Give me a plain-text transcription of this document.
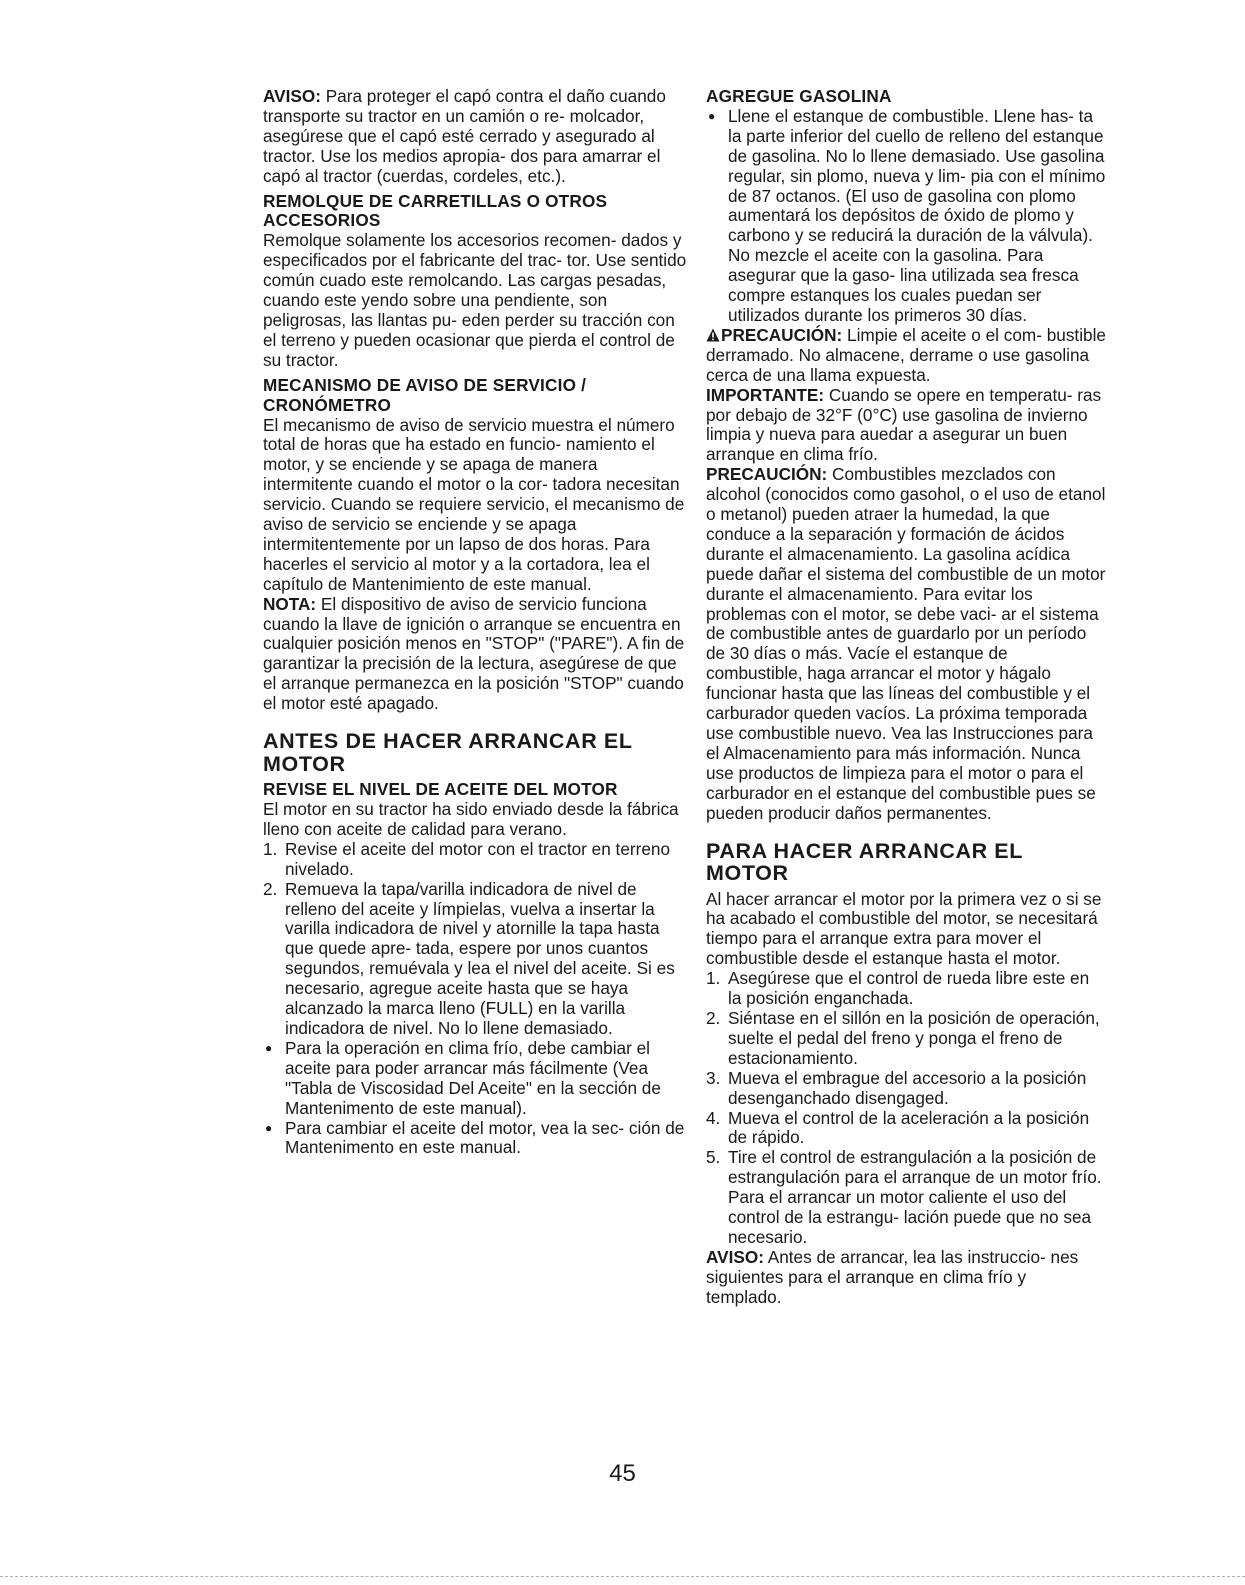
AVISO: Para proteger el capó contra el daño cuando transporte su tractor en un camión o re- molcador, asegúrese que el capó esté cerrado y asegurado al tractor. Use los medios apropia- dos para amarrar el capó al tractor (cuerdas, cordeles, etc.).

REMOLQUE DE CARRETILLAS O OTROS ACCESORIOS

Remolque solamente los accesorios recomen- dados y especificados por el fabricante del trac- tor. Use sentido común cuado este remolcando. Las cargas pesadas, cuando este yendo sobre una pendiente, son peligrosas, las llantas pu- eden perder su tracción con el terreno y pueden ocasionar que pierda el control de su tractor.

MECANISMO DE AVISO DE SERVICIO / CRONÓMETRO

El mecanismo de aviso de servicio muestra el número total de horas que ha estado en funcio- namiento el motor, y se enciende y se apaga de manera intermitente cuando el motor o la cor- tadora necesitan servicio. Cuando se requiere servicio, el mecanismo de aviso de servicio se enciende y se apaga intermitentemente por un lapso de dos horas. Para hacerles el servicio al motor y a la cortadora, lea el capítulo de Mantenimiento de este manual.

NOTA: El dispositivo de aviso de servicio funciona cuando la llave de ignición o arranque se encuentra en cualquier posición menos en "STOP" ("PARE"). A fin de garantizar la precisión de la lectura, asegúrese de que el arranque permanezca en la posición "STOP" cuando el motor esté apagado.

ANTES DE HACER ARRANCAR EL MOTOR
REVISE EL NIVEL DE ACEITE DEL MOTOR

El motor en su tractor ha sido enviado desde la fábrica lleno con aceite de calidad para verano.

1. Revise el aceite del motor con el tractor en terreno nivelado.
2. Remueva la tapa/varilla indicadora de nivel de relleno del aceite y límpielas, vuelva a insertar la varilla indicadora de nivel y atornille la tapa hasta que quede apre- tada, espere por unos cuantos segundos, remuévala y lea el nivel del aceite. Si es necesario, agregue aceite hasta que se haya alcanzado la marca lleno (FULL) en la varilla indicadora de nivel. No lo llene demasiado.
● Para la operación en clima frío, debe cambiar el aceite para poder arrancar más fácilmente (Vea "Tabla de Viscosidad Del Aceite" en la sección de Mantenimento de este manual).
● Para cambiar el aceite del motor, vea la sec- ción de Mantenimento en este manual.
AGREGUE GASOLINA
● Llene el estanque de combustible. Llene has- ta la parte inferior del cuello de relleno del estanque de gasolina. No lo llene demasiado. Use gasolina regular, sin plomo, nueva y lim- pia con el mínimo de 87 octanos. (El uso de gasolina con plomo aumentará los depósitos de óxido de plomo y carbono y se reducirá la duración de la válvula). No mezcle el aceite con la gasolina. Para asegurar que la gaso- lina utilizada sea fresca compre estanques los cuales puedan ser utilizados durante los primeros 30 días.

PRECAUCIÓN: Limpie el aceite o el com- bustible derramado. No almacene, derrame o use gasolina cerca de una llama expuesta.

IMPORTANTE: Cuando se opere en temperatu- ras por debajo de 32°F (0°C) use gasolina de invierno limpia y nueva para auedar a asegurar un buen arranque en clima frío.

PRECAUCIÓN: Combustibles mezclados con alcohol (conocidos como gasohol, o el uso de etanol o metanol) pueden atraer la humedad, la que conduce a la separación y formación de ácidos durante el almacenamiento. La gasolina acídica puede dañar el sistema del combustible de un motor durante el almacenamiento. Para evitar los problemas con el motor, se debe vaci- ar el sistema de combustible antes de guardarlo por un período de 30 días o más. Vacíe el estanque de combustible, haga arrancar el motor y hágalo funcionar hasta que las líneas del combustible y el carburador queden vacíos. La próxima temporada use combustible nuevo. Vea las Instrucciones para el Almacenamiento para más información. Nunca use productos de limpieza para el motor o para el carburador en el estanque del combustible pues se pueden producir daños permanentes.

PARA HACER ARRANCAR EL MOTOR

Al hacer arrancar el motor por la primera vez o si se ha acabado el combustible del motor, se necesitará tiempo para el arranque extra para mover el combustible desde el estanque hasta el motor.

1. Asegúrese que el control de rueda libre este en la posición enganchada.
2. Siéntase en el sillón en la posición de operación, suelte el pedal del freno y ponga el freno de estacionamiento.
3. Mueva el embrague del accesorio a la posición desenganchado disengaged.
4. Mueva el control de la aceleración a la posición de rápido.
5. Tire el control de estrangulación a la posición de estrangulación para el arranque de un motor frío. Para el arrancar un motor caliente el uso del control de la estrangu- lación puede que no sea necesario.

AVISO: Antes de arrancar, lea las instruccio- nes siguientes para el arranque en clima frío y templado.

45
